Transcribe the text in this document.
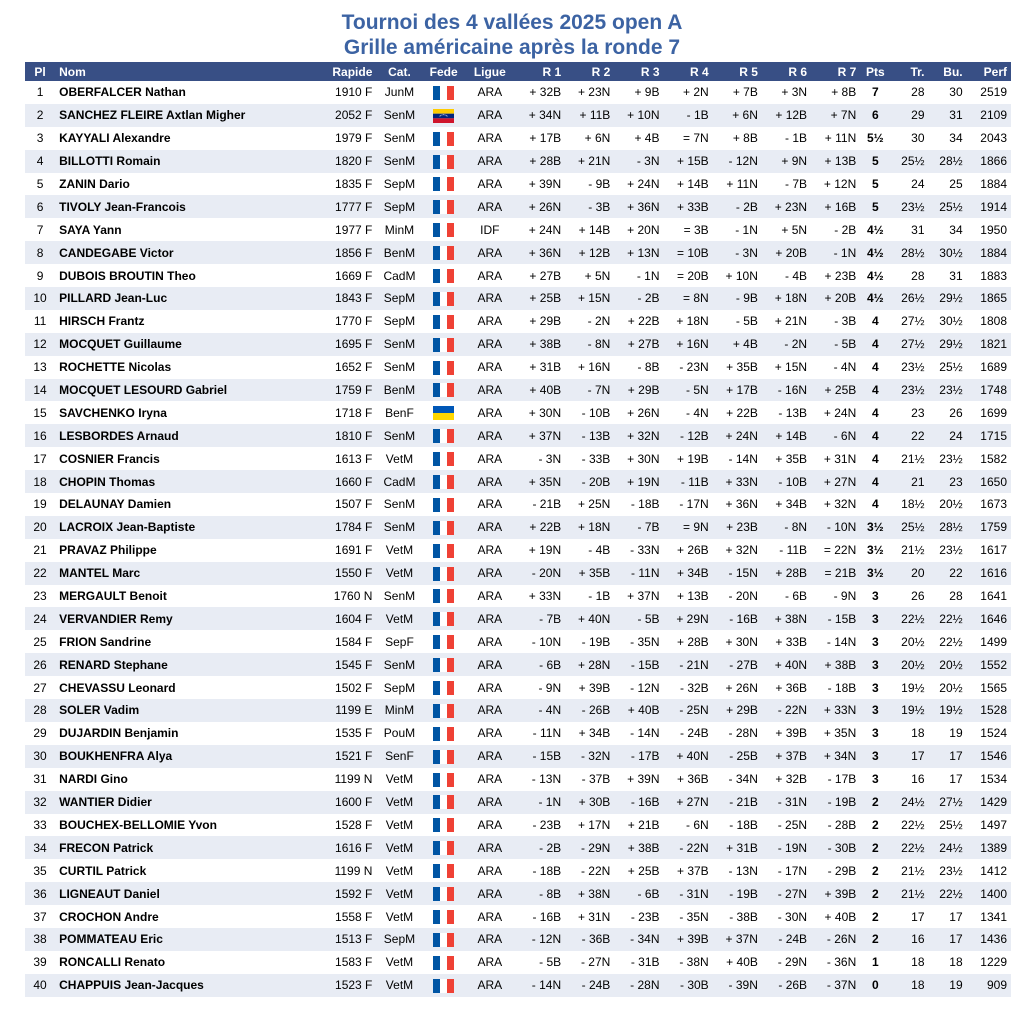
Tournoi des 4 vallées 2025 open A
Grille américaine après la ronde 7
Pl	Nom	Rapide	Cat.	Fede	Ligue	R 1	R 2	R 3	R 4	R 5	R 6	R 7	Pts	Tr.	Bu.	Perf
1	OBERFALCER Nathan	1910 F	JunM		ARA	+ 32B	+ 23N	+ 9B	+ 2N	+ 7B	+ 3N	+ 8B	7	28	30	2519
2	SANCHEZ FLEIRE Axtlan Migher	2052 F	SenM		ARA	+ 34N	+ 11B	+ 10N	- 1B	+ 6N	+ 12B	+ 7N	6	29	31	2109
3	KAYYALI Alexandre	1979 F	SenM		ARA	+ 17B	+ 6N	+ 4B	= 7N	+ 8B	- 1B	+ 11N	5½	30	34	2043
4	BILLOTTI Romain	1820 F	SenM		ARA	+ 28B	+ 21N	- 3N	+ 15B	- 12N	+ 9N	+ 13B	5	25½	28½	1866
5	ZANIN Dario	1835 F	SepM		ARA	+ 39N	- 9B	+ 24N	+ 14B	+ 11N	- 7B	+ 12N	5	24	25	1884
6	TIVOLY Jean-Francois	1777 F	SepM		ARA	+ 26N	- 3B	+ 36N	+ 33B	- 2B	+ 23N	+ 16B	5	23½	25½	1914
7	SAYA Yann	1977 F	MinM		IDF	+ 24N	+ 14B	+ 20N	= 3B	- 1N	+ 5N	- 2B	4½	31	34	1950
8	CANDEGABE Victor	1856 F	BenM		ARA	+ 36N	+ 12B	+ 13N	= 10B	- 3N	+ 20B	- 1N	4½	28½	30½	1884
9	DUBOIS BROUTIN Theo	1669 F	CadM		ARA	+ 27B	+ 5N	- 1N	= 20B	+ 10N	- 4B	+ 23B	4½	28	31	1883
10	PILLARD Jean-Luc	1843 F	SepM		ARA	+ 25B	+ 15N	- 2B	= 8N	- 9B	+ 18N	+ 20B	4½	26½	29½	1865
11	HIRSCH Frantz	1770 F	SepM		ARA	+ 29B	- 2N	+ 22B	+ 18N	- 5B	+ 21N	- 3B	4	27½	30½	1808
12	MOCQUET Guillaume	1695 F	SenM		ARA	+ 38B	- 8N	+ 27B	+ 16N	+ 4B	- 2N	- 5B	4	27½	29½	1821
13	ROCHETTE Nicolas	1652 F	SenM		ARA	+ 31B	+ 16N	- 8B	- 23N	+ 35B	+ 15N	- 4N	4	23½	25½	1689
14	MOCQUET LESOURD Gabriel	1759 F	BenM		ARA	+ 40B	- 7N	+ 29B	- 5N	+ 17B	- 16N	+ 25B	4	23½	23½	1748
15	SAVCHENKO Iryna	1718 F	BenF		ARA	+ 30N	- 10B	+ 26N	- 4N	+ 22B	- 13B	+ 24N	4	23	26	1699
16	LESBORDES Arnaud	1810 F	SenM		ARA	+ 37N	- 13B	+ 32N	- 12B	+ 24N	+ 14B	- 6N	4	22	24	1715
17	COSNIER Francis	1613 F	VetM		ARA	- 3N	- 33B	+ 30N	+ 19B	- 14N	+ 35B	+ 31N	4	21½	23½	1582
18	CHOPIN Thomas	1660 F	CadM		ARA	+ 35N	- 20B	+ 19N	- 11B	+ 33N	- 10B	+ 27N	4	21	23	1650
19	DELAUNAY Damien	1507 F	SenM		ARA	- 21B	+ 25N	- 18B	- 17N	+ 36N	+ 34B	+ 32N	4	18½	20½	1673
20	LACROIX Jean-Baptiste	1784 F	SenM		ARA	+ 22B	+ 18N	- 7B	= 9N	+ 23B	- 8N	- 10N	3½	25½	28½	1759
21	PRAVAZ Philippe	1691 F	VetM		ARA	+ 19N	- 4B	- 33N	+ 26B	+ 32N	- 11B	= 22N	3½	21½	23½	1617
22	MANTEL Marc	1550 F	VetM		ARA	- 20N	+ 35B	- 11N	+ 34B	- 15N	+ 28B	= 21B	3½	20	22	1616
23	MERGAULT Benoit	1760 N	SenM		ARA	+ 33N	- 1B	+ 37N	+ 13B	- 20N	- 6B	- 9N	3	26	28	1641
24	VERVANDIER Remy	1604 F	VetM		ARA	- 7B	+ 40N	- 5B	+ 29N	- 16B	+ 38N	- 15B	3	22½	22½	1646
25	FRION Sandrine	1584 F	SepF		ARA	- 10N	- 19B	- 35N	+ 28B	+ 30N	+ 33B	- 14N	3	20½	22½	1499
26	RENARD Stephane	1545 F	SenM		ARA	- 6B	+ 28N	- 15B	- 21N	- 27B	+ 40N	+ 38B	3	20½	20½	1552
27	CHEVASSU Leonard	1502 F	SepM		ARA	- 9N	+ 39B	- 12N	- 32B	+ 26N	+ 36B	- 18B	3	19½	20½	1565
28	SOLER Vadim	1199 E	MinM		ARA	- 4N	- 26B	+ 40B	- 25N	+ 29B	- 22N	+ 33N	3	19½	19½	1528
29	DUJARDIN Benjamin	1535 F	PouM		ARA	- 11N	+ 34B	- 14N	- 24B	- 28N	+ 39B	+ 35N	3	18	19	1524
30	BOUKHENFRA Alya	1521 F	SenF		ARA	- 15B	- 32N	- 17B	+ 40N	- 25B	+ 37B	+ 34N	3	17	17	1546
31	NARDI Gino	1199 N	VetM		ARA	- 13N	- 37B	+ 39N	+ 36B	- 34N	+ 32B	- 17B	3	16	17	1534
32	WANTIER Didier	1600 F	VetM		ARA	- 1N	+ 30B	- 16B	+ 27N	- 21B	- 31N	- 19B	2	24½	27½	1429
33	BOUCHEX-BELLOMIE Yvon	1528 F	VetM		ARA	- 23B	+ 17N	+ 21B	- 6N	- 18B	- 25N	- 28B	2	22½	25½	1497
34	FRECON Patrick	1616 F	VetM		ARA	- 2B	- 29N	+ 38B	- 22N	+ 31B	- 19N	- 30B	2	22½	24½	1389
35	CURTIL Patrick	1199 N	VetM		ARA	- 18B	- 22N	+ 25B	+ 37B	- 13N	- 17N	- 29B	2	21½	23½	1412
36	LIGNEAUT Daniel	1592 F	VetM		ARA	- 8B	+ 38N	- 6B	- 31N	- 19B	- 27N	+ 39B	2	21½	22½	1400
37	CROCHON Andre	1558 F	VetM		ARA	- 16B	+ 31N	- 23B	- 35N	- 38B	- 30N	+ 40B	2	17	17	1341
38	POMMATEAU Eric	1513 F	SepM		ARA	- 12N	- 36B	- 34N	+ 39B	+ 37N	- 24B	- 26N	2	16	17	1436
39	RONCALLI Renato	1583 F	VetM		ARA	- 5B	- 27N	- 31B	- 38N	+ 40B	- 29N	- 36N	1	18	18	1229
40	CHAPPUIS Jean-Jacques	1523 F	VetM		ARA	- 14N	- 24B	- 28N	- 30B	- 39N	- 26B	- 37N	0	18	19	909
